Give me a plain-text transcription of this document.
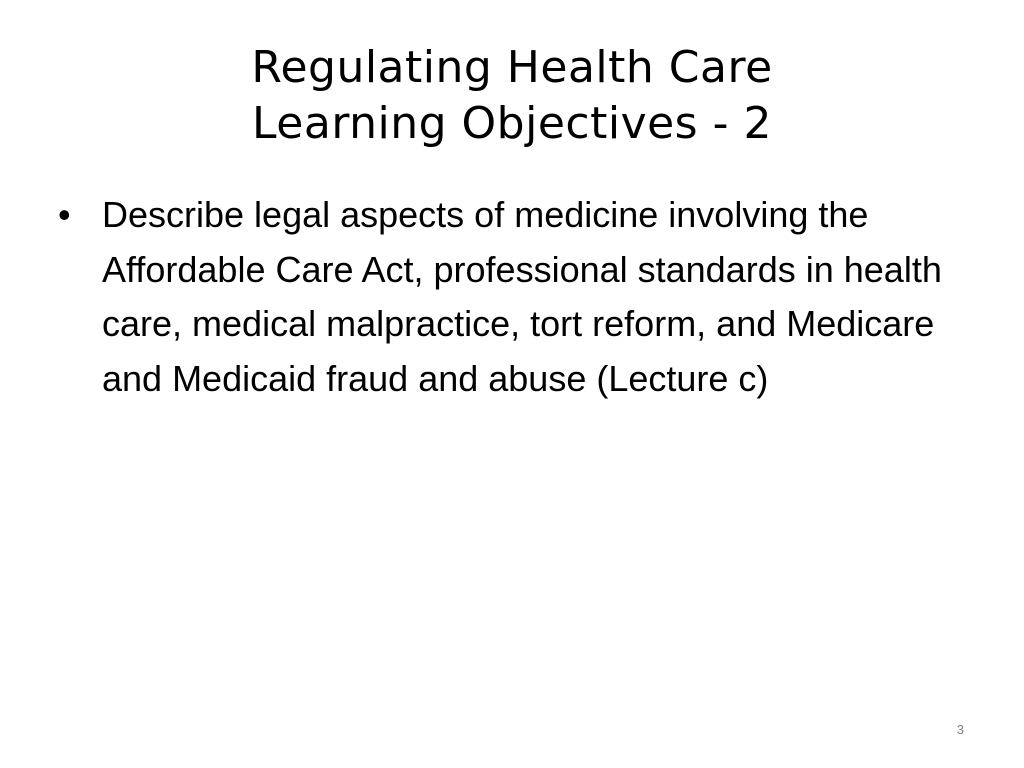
Regulating Health Care
Learning Objectives - 2
• Describe legal aspects of medicine involving the Affordable Care Act, professional standards in health care, medical malpractice, tort reform, and Medicare and Medicaid fraud and abuse (Lecture c)
3
